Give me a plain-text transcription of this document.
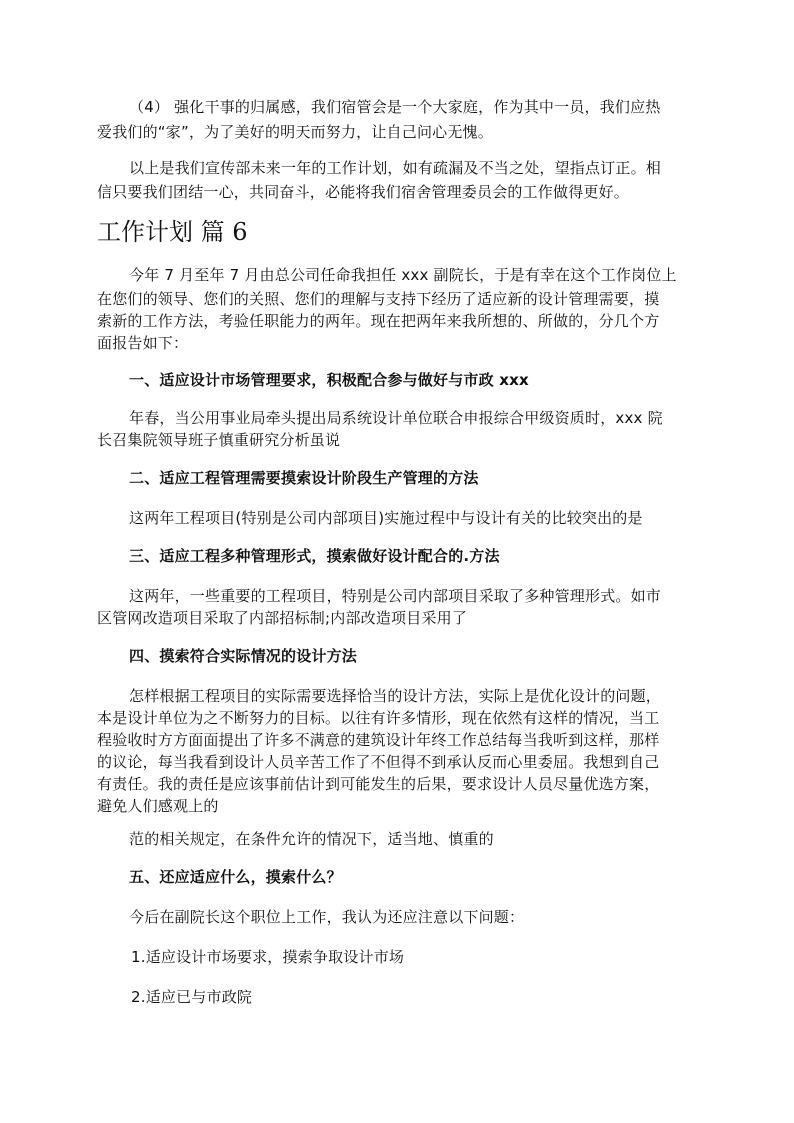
（4） 强化干事的归属感，我们宿管会是一个大家庭，作为其中一员，我们应热
爱我们的“家”，为了美好的明天而努力，让自己问心无愧。
以上是我们宣传部未来一年的工作计划，如有疏漏及不当之处，望指点订正。相
信只要我们团结一心，共同奋斗，必能将我们宿舍管理委员会的工作做得更好。
工作计划 篇 6
今年 7 月至年 7 月由总公司任命我担任 xxx 副院长，于是有幸在这个工作岗位上
在您们的领导、您们的关照、您们的理解与支持下经历了适应新的设计管理需要，摸
索新的工作方法，考验任职能力的两年。现在把两年来我所想的、所做的，分几个方
面报告如下：
一、适应设计市场管理要求，积极配合参与做好与市政 xxx
年春，当公用事业局牵头提出局系统设计单位联合申报综合甲级资质时，xxx 院
长召集院领导班子慎重研究分析虽说
二、适应工程管理需要摸索设计阶段生产管理的方法
这两年工程项目(特别是公司内部项目)实施过程中与设计有关的比较突出的是
三、适应工程多种管理形式，摸索做好设计配合的.方法
这两年，一些重要的工程项目，特别是公司内部项目采取了多种管理形式。如市
区管网改造项目采取了内部招标制;内部改造项目采用了
四、摸索符合实际情况的设计方法
怎样根据工程项目的实际需要选择恰当的设计方法，实际上是优化设计的问题，
本是设计单位为之不断努力的目标。以往有许多情形，现在依然有这样的情况，当工
程验收时方方面面提出了许多不满意的建筑设计年终工作总结每当我听到这样，那样
的议论，每当我看到设计人员辛苦工作了不但得不到承认反而心里委屈。我想到自己
有责任。我的责任是应该事前估计到可能发生的后果，要求设计人员尽量优选方案，
避免人们感观上的
范的相关规定，在条件允许的情况下，适当地、慎重的
五、还应适应什么，摸索什么？
今后在副院长这个职位上工作，我认为还应注意以下问题：
1.适应设计市场要求，摸索争取设计市场
2.适应已与市政院
